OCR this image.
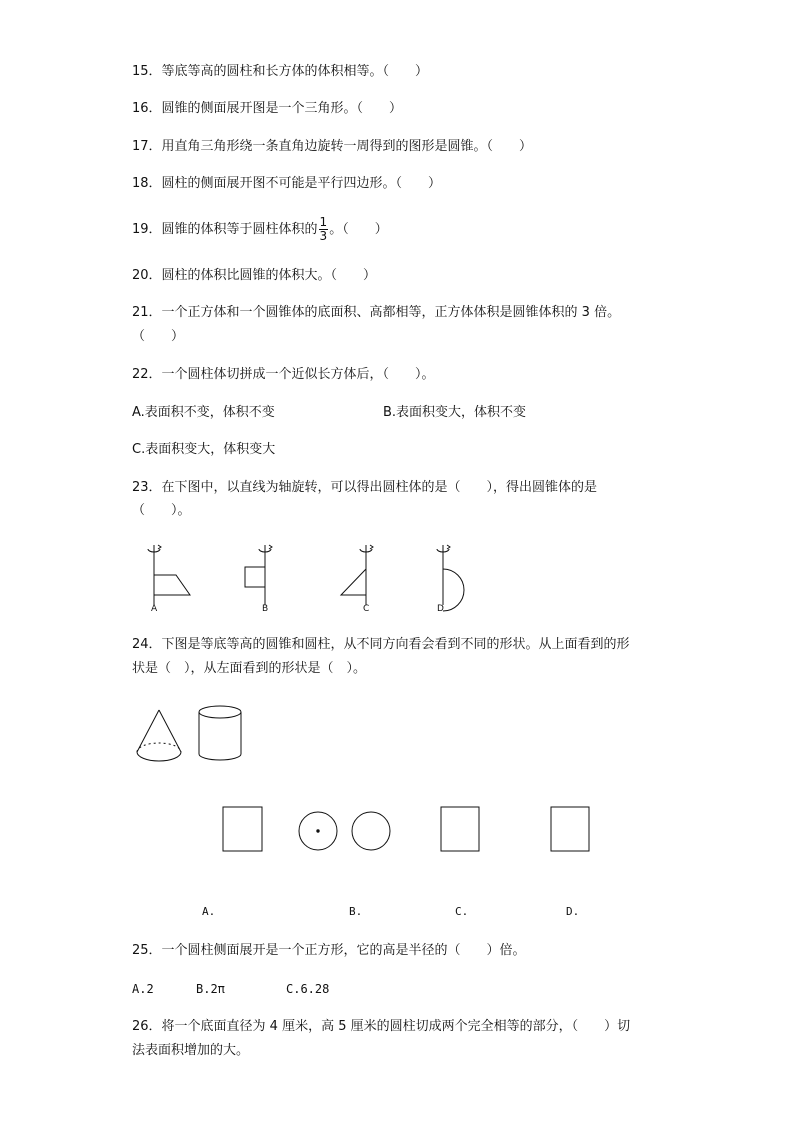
15．等底等高的圆柱和长方体的体积相等。（　　）
16．圆锥的侧面展开图是一个三角形。（　　）
17．用直角三角形绕一条直角边旋转一周得到的图形是圆锥。（　　）
18．圆柱的侧面展开图不可能是平行四边形。（　　）
19．圆锥的体积等于圆柱体积的 $\frac{1}{3}$ 。（　　）
20．圆柱的体积比圆锥的体积大。（　　）
21．一个正方体和一个圆锥体的底面积、高都相等，正方体体积是圆锥体积的 3 倍。
（　　）
22．一个圆柱体切拼成一个近似长方体后，（　　）。
A.表面积不变，体积不变	B.表面积变大，体积不变
C.表面积变大，体积变大
23．在下图中，以直线为轴旋转，可以得出圆柱体的是（　　），得出圆锥体的是
（　　）。
A	B	C	D
24．下图是等底等高的圆锥和圆柱，从不同方向看会看到不同的形状。从上面看到的形
状是（　），从左面看到的形状是（　）。
A.	B.	C.	D.
25．一个圆柱侧面展开是一个正方形，它的高是半径的（　　）倍。
A.2	B.2π	C.6.28
26．将一个底面直径为 4 厘米，高 5 厘米的圆柱切成两个完全相等的部分，（　　）切
法表面积增加的大。
